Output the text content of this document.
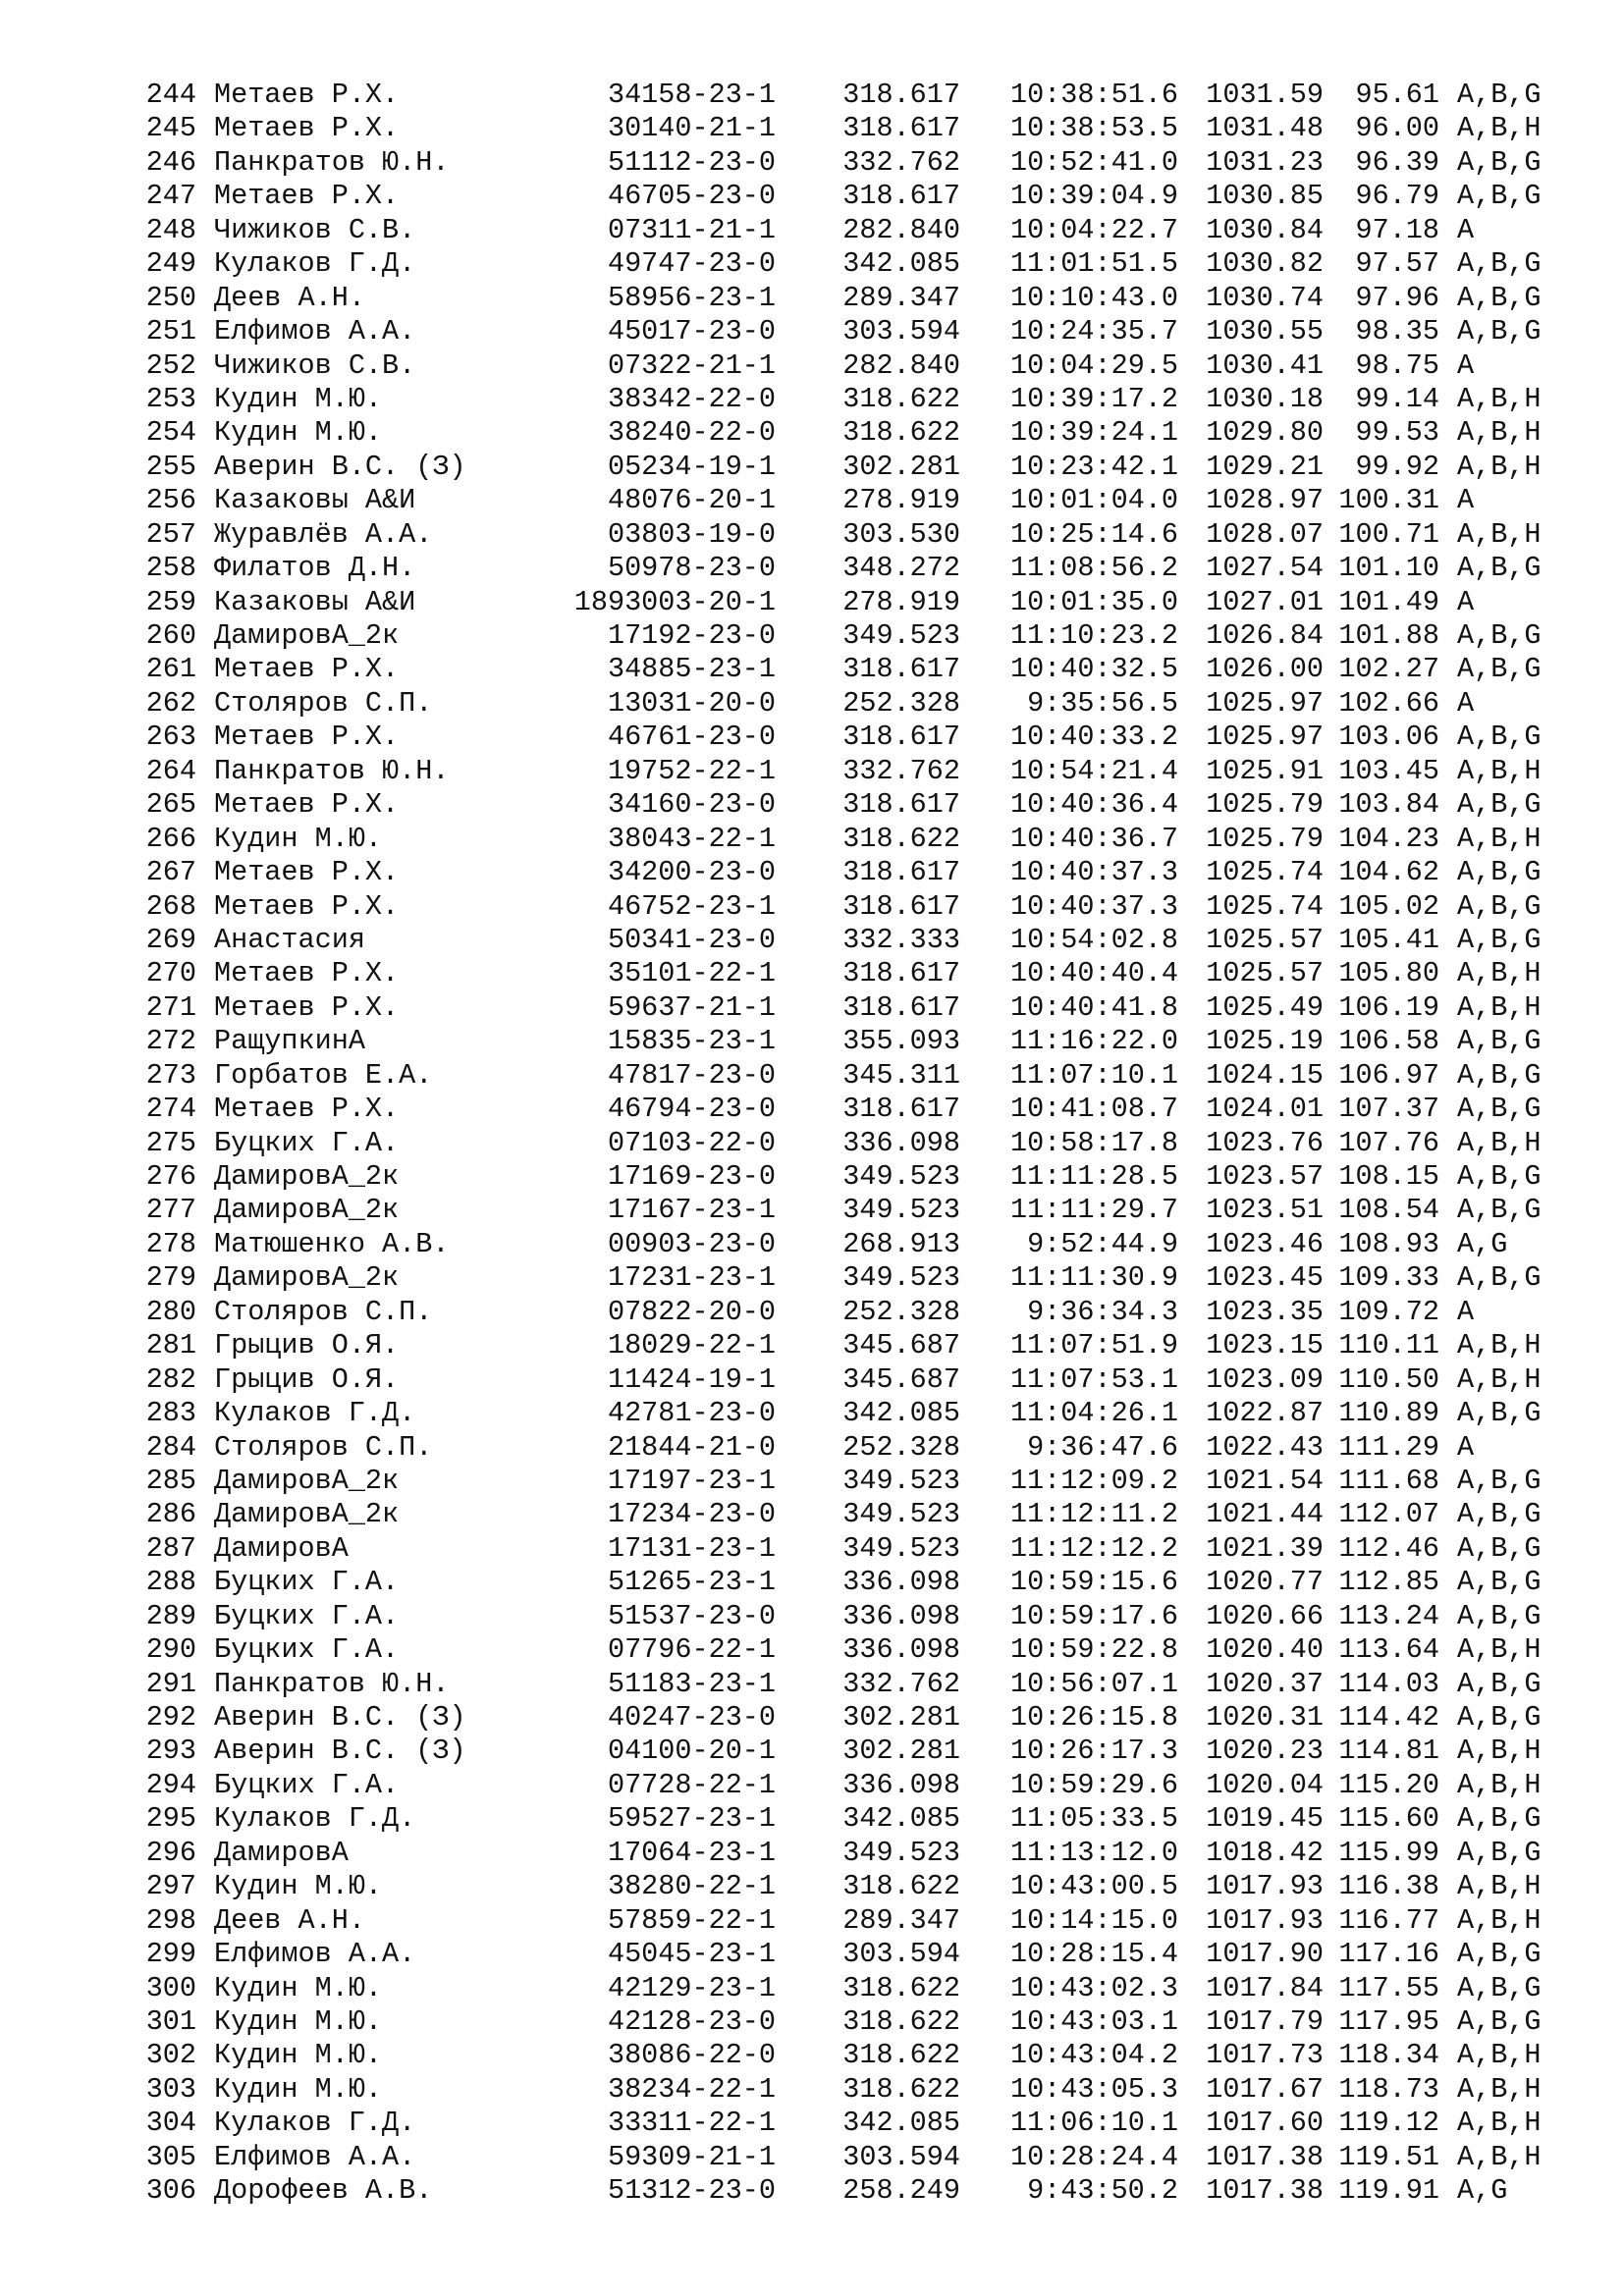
244 Метаев Р.Х.	34158-23-1 318.617	10:38:51.6 1031.59	95.61 A,B,G
245 Метаев Р.Х.	30140-21-1 318.617	10:38:53.5 1031.48	96.00 A,B,H
246 Панкратов Ю.Н.	51112-23-0 332.762	10:52:41.0 1031.23	96.39 A,B,G
247 Метаев Р.Х.	46705-23-0 318.617	10:39:04.9 1030.85	96.79 A,B,G
248 Чижиков С.В.	07311-21-1 282.840	10:04:22.7 1030.84	97.18 A
249 Кулаков Г.Д.	49747-23-0 342.085	11:01:51.5 1030.82	97.57 A,B,G
250 Деев А.Н.	58956-23-1 289.347	10:10:43.0 1030.74	97.96 A,B,G
251 Елфимов А.А.	45017-23-0 303.594	10:24:35.7 1030.55	98.35 A,B,G
252 Чижиков С.В.	07322-21-1 282.840	10:04:29.5 1030.41	98.75 A
253 Кудин М.Ю.	38342-22-0 318.622	10:39:17.2 1030.18	99.14 A,B,H
254 Кудин М.Ю.	38240-22-0 318.622	10:39:24.1 1029.80	99.53 A,B,H
255 Аверин В.С. (З)	05234-19-1 302.281	10:23:42.1 1029.21	99.92 A,B,H
256 Казаковы А&И	48076-20-1 278.919	10:01:04.0 1028.97 100.31 A
257 Журавлёв А.А.	03803-19-0 303.530	10:25:14.6 1028.07 100.71 A,B,H
258 Филатов Д.Н.	50978-23-0 348.272	11:08:56.2 1027.54 101.10 A,B,G
259 Казаковы А&И	1893003-20-1 278.919	10:01:35.0 1027.01 101.49 A
260 ДамировА_2к	17192-23-0 349.523	11:10:23.2 1026.84 101.88 A,B,G
261 Метаев Р.Х.	34885-23-1 318.617	10:40:32.5 1026.00 102.27 A,B,G
262 Столяров С.П.	13031-20-0 252.328	9:35:56.5 1025.97 102.66 A
263 Метаев Р.Х.	46761-23-0 318.617	10:40:33.2 1025.97 103.06 A,B,G
264 Панкратов Ю.Н.	19752-22-1 332.762	10:54:21.4 1025.91 103.45 A,B,H
265 Метаев Р.Х.	34160-23-0 318.617	10:40:36.4 1025.79 103.84 A,B,G
266 Кудин М.Ю.	38043-22-1 318.622	10:40:36.7 1025.79 104.23 A,B,H
267 Метаев Р.Х.	34200-23-0 318.617	10:40:37.3 1025.74 104.62 A,B,G
268 Метаев Р.Х.	46752-23-1 318.617	10:40:37.3 1025.74 105.02 A,B,G
269 Анастасия	50341-23-0 332.333	10:54:02.8 1025.57 105.41 A,B,G
270 Метаев Р.Х.	35101-22-1 318.617	10:40:40.4 1025.57 105.80 A,B,H
271 Метаев Р.Х.	59637-21-1 318.617	10:40:41.8 1025.49 106.19 A,B,H
272 РащупкинА	15835-23-1 355.093	11:16:22.0 1025.19 106.58 A,B,G
273 Горбатов Е.А.	47817-23-0 345.311	11:07:10.1 1024.15 106.97 A,B,G
274 Метаев Р.Х.	46794-23-0 318.617	10:41:08.7 1024.01 107.37 A,B,G
275 Буцких Г.А.	07103-22-0 336.098	10:58:17.8 1023.76 107.76 A,B,H
276 ДамировА_2к	17169-23-0 349.523	11:11:28.5 1023.57 108.15 A,B,G
277 ДамировА_2к	17167-23-1 349.523	11:11:29.7 1023.51 108.54 A,B,G
278 Матюшенко А.В.	00903-23-0 268.913	9:52:44.9 1023.46 108.93 A,G
279 ДамировА_2к	17231-23-1 349.523	11:11:30.9 1023.45 109.33 A,B,G
280 Столяров С.П.	07822-20-0 252.328	9:36:34.3 1023.35 109.72 A
281 Грыцив О.Я.	18029-22-1 345.687	11:07:51.9 1023.15 110.11 A,B,H
282 Грыцив О.Я.	11424-19-1 345.687	11:07:53.1 1023.09 110.50 A,B,H
283 Кулаков Г.Д.	42781-23-0 342.085	11:04:26.1 1022.87 110.89 A,B,G
284 Столяров С.П.	21844-21-0 252.328	9:36:47.6 1022.43 111.29 A
285 ДамировА_2к	17197-23-1 349.523	11:12:09.2 1021.54 111.68 A,B,G
286 ДамировА_2к	17234-23-0 349.523	11:12:11.2 1021.44 112.07 A,B,G
287 ДамировА	17131-23-1 349.523	11:12:12.2 1021.39 112.46 A,B,G
288 Буцких Г.А.	51265-23-1 336.098	10:59:15.6 1020.77 112.85 A,B,G
289 Буцких Г.А.	51537-23-0 336.098	10:59:17.6 1020.66 113.24 A,B,G
290 Буцких Г.А.	07796-22-1 336.098	10:59:22.8 1020.40 113.64 A,B,H
291 Панкратов Ю.Н.	51183-23-1 332.762	10:56:07.1 1020.37 114.03 A,B,G
292 Аверин В.С. (З)	40247-23-0 302.281	10:26:15.8 1020.31 114.42 A,B,G
293 Аверин В.С. (З)	04100-20-1 302.281	10:26:17.3 1020.23 114.81 A,B,H
294 Буцких Г.А.	07728-22-1 336.098	10:59:29.6 1020.04 115.20 A,B,H
295 Кулаков Г.Д.	59527-23-1 342.085	11:05:33.5 1019.45 115.60 A,B,G
296 ДамировА	17064-23-1 349.523	11:13:12.0 1018.42 115.99 A,B,G
297 Кудин М.Ю.	38280-22-1 318.622	10:43:00.5 1017.93 116.38 A,B,H
298 Деев А.Н.	57859-22-1 289.347	10:14:15.0 1017.93 116.77 A,B,H
299 Елфимов А.А.	45045-23-1 303.594	10:28:15.4 1017.90 117.16 A,B,G
300 Кудин М.Ю.	42129-23-1 318.622	10:43:02.3 1017.84 117.55 A,B,G
301 Кудин М.Ю.	42128-23-0 318.622	10:43:03.1 1017.79 117.95 A,B,G
302 Кудин М.Ю.	38086-22-0 318.622	10:43:04.2 1017.73 118.34 A,B,H
303 Кудин М.Ю.	38234-22-1 318.622	10:43:05.3 1017.67 118.73 A,B,H
304 Кулаков Г.Д.	33311-22-1 342.085	11:06:10.1 1017.60 119.12 A,B,H
305 Елфимов А.А.	59309-21-1 303.594	10:28:24.4 1017.38 119.51 A,B,H
306 Дорофеев А.В.	51312-23-0 258.249	9:43:50.2 1017.38 119.91 A,G
